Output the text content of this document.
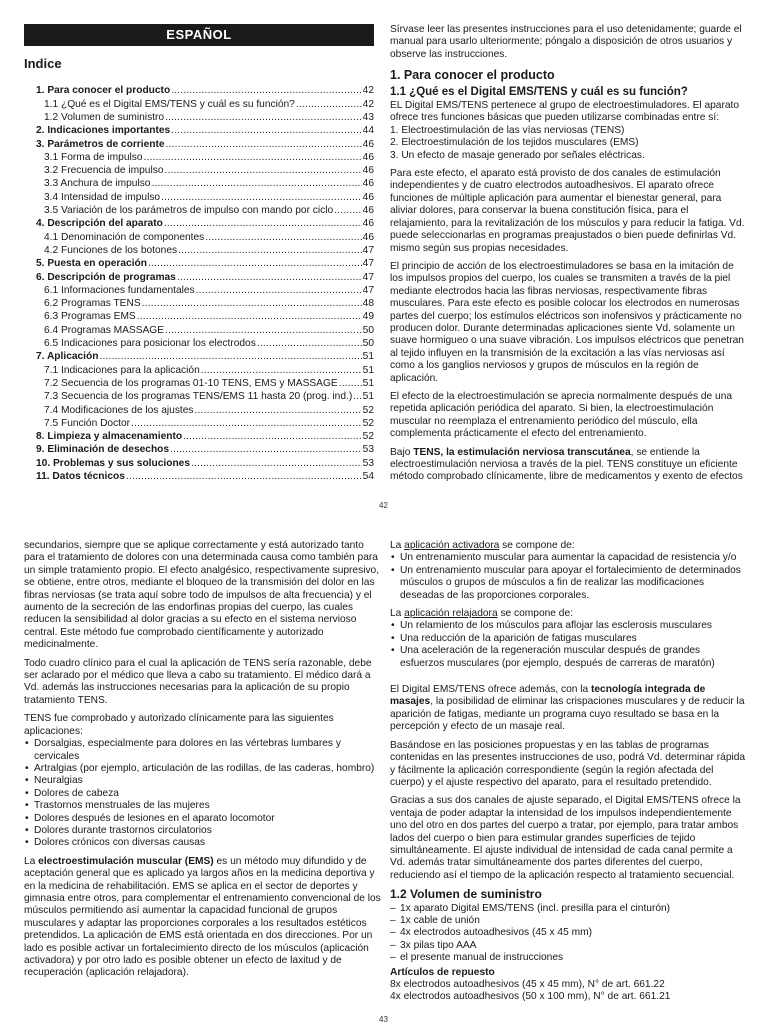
ESPAÑOL
Indice
1. Para conocer el producto .....	42
1.1 ¿Qué es el Digital EMS/TENS y cuál es su función? .....	42
1.2 Volumen de suministro .....	43
2. Indicaciones importantes .....	44
3. Parámetros de corriente .....	46
3.1 Forma de impulso .....	46
3.2 Frecuencia de impulso .....	46
3.3 Anchura de impulso .....	46
3.4 Intensidad de impulso .....	46
3.5 Variación de los parámetros de impulso con mando por ciclo .....	46
4. Descripción del aparato .....	46
4.1 Denominación de componentes .....	46
4.2 Funciones de los botones .....	47
5. Puesta en operación .....	47
6. Descripción de programas .....	47
6.1 Informaciones fundamentales .....	47
6.2 Programas TENS .....	48
6.3 Programas EMS .....	49
6.4 Programas MASSAGE .....	50
6.5 Indicaciones para posicionar los electrodos .....	50
7. Aplicación .....	51
7.1 Indicaciones para la aplicación .....	51
7.2 Secuencia de los programas 01-10 TENS, EMS y MASSAGE ..... 51
7.3 Secuencia de los programas TENS/EMS 11 hasta 20 (prog. ind.) ..... 51
7.4 Modificaciones de los ajustes .....	52
7.5 Función Doctor .....	52
8. Limpieza y almacenamiento .....	52
9. Eliminación de desechos .....	53
10. Problemas y sus soluciones .....	53
11. Datos técnicos .....	54

Sírvase leer las presentes instrucciones para el uso detenidamente; guarde el manual para usarlo ulteriormente; póngalo a disposición de otros usuarios y observe las instrucciones.

1. Para conocer el producto
1.1 ¿Qué es el Digital EMS/TENS y cuál es su función?

EL Digital EMS/TENS pertenece al grupo de electroestimuladores. El aparato ofrece tres funciones básicas que pueden utilizarse combinadas entre sí:

1. Electroestimulación de las vías nerviosas (TENS)
2. Electroestimulación de los tejidos musculares (EMS)
3. Un efecto de masaje generado por señales eléctricas.

Para este efecto, el aparato está provisto de dos canales de estimulación independientes y de cuatro electrodos autoadhesivos. El aparato ofrece funciones de múltiple aplicación para aumentar el bienestar general, para aliviar dolores, para conservar la buena constitución física, para el relajamiento, para la revitalización de los músculos y para reducir la fatiga. Vd. puede seleccionarlas en programas preajustados o bien puede definirlas Vd. mismo según sus propias necesidades.

El principio de acción de los electroestimuladores se basa en la imitación de los impulsos propios del cuerpo, los cuales se transmiten a través de la piel mediante electrodos hacia las fibras nerviosas, respectivamente fibras musculares. Para este efecto es posible colocar los electrodos en numerosas partes del cuerpo; los estímulos eléctricos son inofensivos y prácticamente no producen dolor. Durante determinadas aplicaciones siente Vd. solamente un suave hormigueo o una suave vibración. Los impulsos eléctricos que penetran al tejido influyen en la transmisión de la excitación a las vías nerviosas así como a los ganglios nerviosos y grupos de músculos en la región de aplicación.

El efecto de la electroestimulación se aprecia normalmente después de una repetida aplicación periódica del aparato. Si bien, la electroestimulación muscular no reemplaza el entrenamiento periódico del músculo, ella complementa prácticamente el efecto del entrenamiento.

Bajo TENS, la estimulación nerviosa transcutánea, se entiende la electroestimulación nerviosa a través de la piel. TENS constituye un eficiente método comprobado clínicamente, libre de medicamentos y exento de efectos

42

secundarios, siempre que se aplique correctamente y está autorizado tanto para el tratamiento de dolores con una determinada causa como también para un simple tratamiento propio. El efecto analgésico, respectivamente supresivo, se obtiene, entre otros, mediante el bloqueo de la transmisión del dolor en las fibras nerviosas (se trata aquí sobre todo de impulsos de alta frecuencia) y el aumento de la secreción de las endorfinas propias del cuerpo, las cuales reducen la sensibilidad al dolor gracias a su efecto en el sistema nervioso central. Este método fue comprobado científicamente y autorizado medicinalmente.

Todo cuadro clínico para el cual la aplicación de TENS sería razonable, debe ser aclarado por el médico que lleva a cabo su tratamiento. El médico dará a Vd. además las instrucciones necesarias para la aplicación de su propio tratamiento TENS.

TENS fue comprobado y autorizado clínicamente para las siguientes aplicaciones:

• Dorsalgias, especialmente para dolores en las vértebras lumbares y cervicales
• Artralgias (por ejemplo, articulación de las rodillas, de las caderas, hombro)
• Neuralgias
• Dolores de cabeza
• Trastornos menstruales de las mujeres
• Dolores después de lesiones en el aparato locomotor
• Dolores durante trastornos circulatorios
• Dolores crónicos con diversas causas

La electroestimulación muscular (EMS) es un método muy difundido y de aceptación general que es aplicado ya largos años en la medicina deportiva y en la medicina de rehabilitación. EMS se aplica en el sector de deportes y gimnasia entre otros, para complementar el entrenamiento convencional de los músculos permitiendo así aumentar la capacidad funcional de grupos musculares y adaptar las proporciones corporales a los resultados estéticos pretendidos. La aplicación de EMS está orientada en dos direcciones. Por un lado es posible activar un fortalecimiento directo de los músculos (aplicación activadora) y por otro lado es posible obtener un efecto de laxitud y de recuperación (aplicación relajadora).

La aplicación activadora se compone de:

• Un entrenamiento muscular para aumentar la capacidad de resistencia y/o
• Un entrenamiento muscular para apoyar el fortalecimiento de determinados músculos o grupos de músculos a fin de realizar las modificaciones deseadas de las proporciones corporales.

La aplicación relajadora se compone de:

• Un relamiento de los músculos para aflojar las esclerosis musculares
• Una reducción de la aparición de fatigas musculares
• Una aceleración de la regeneración muscular después de grandes esfuerzos musculares (por ejemplo, después de carreras de maratón)

El Digital EMS/TENS ofrece además, con la tecnología integrada de masajes, la posibilidad de eliminar las crispaciones musculares y de reducir la aparición de fatigas, mediante un programa cuyo resultado se basa en la percepción y efecto de un masaje real.

Basándose en las posiciones propuestas y en las tablas de programas contenidas en las presentes instrucciones de uso, podrá Vd. determinar rápida y fácilmente la aplicación correspondiente (según la región afectada del cuerpo) y el ajuste respectivo del aparato, para el resultado pretendido.

Gracias a sus dos canales de ajuste separado, el Digital EMS/TENS ofrece la ventaja de poder adaptar la intensidad de los impulsos independientemente uno del otro en dos partes del cuerpo a tratar, por ejemplo, para tratar ambos lados del cuerpo o bien para estimular grandes superficies de tejido simultáneamente. El ajuste individual de intensidad de cada canal permite a Vd. además tratar simultáneamente dos partes diferentes del cuerpo, reduciendo así el tiempo de la aplicación respecto al tratamiento secuencial.

1.2 Volumen de suministro
– 1x aparato Digital EMS/TENS (incl. presilla para el cinturón)
– 1x cable de unión
– 4x electrodos autoadhesivos (45 x 45 mm)
– 3x pilas tipo AAA
– el presente manual de instrucciones
Artículos de repuesto
8x electrodos autoadhesivos (45 x 45 mm), N° de art. 661.22
4x electrodos autoadhesivos (50 x 100 mm), N° de art. 661.21
43
